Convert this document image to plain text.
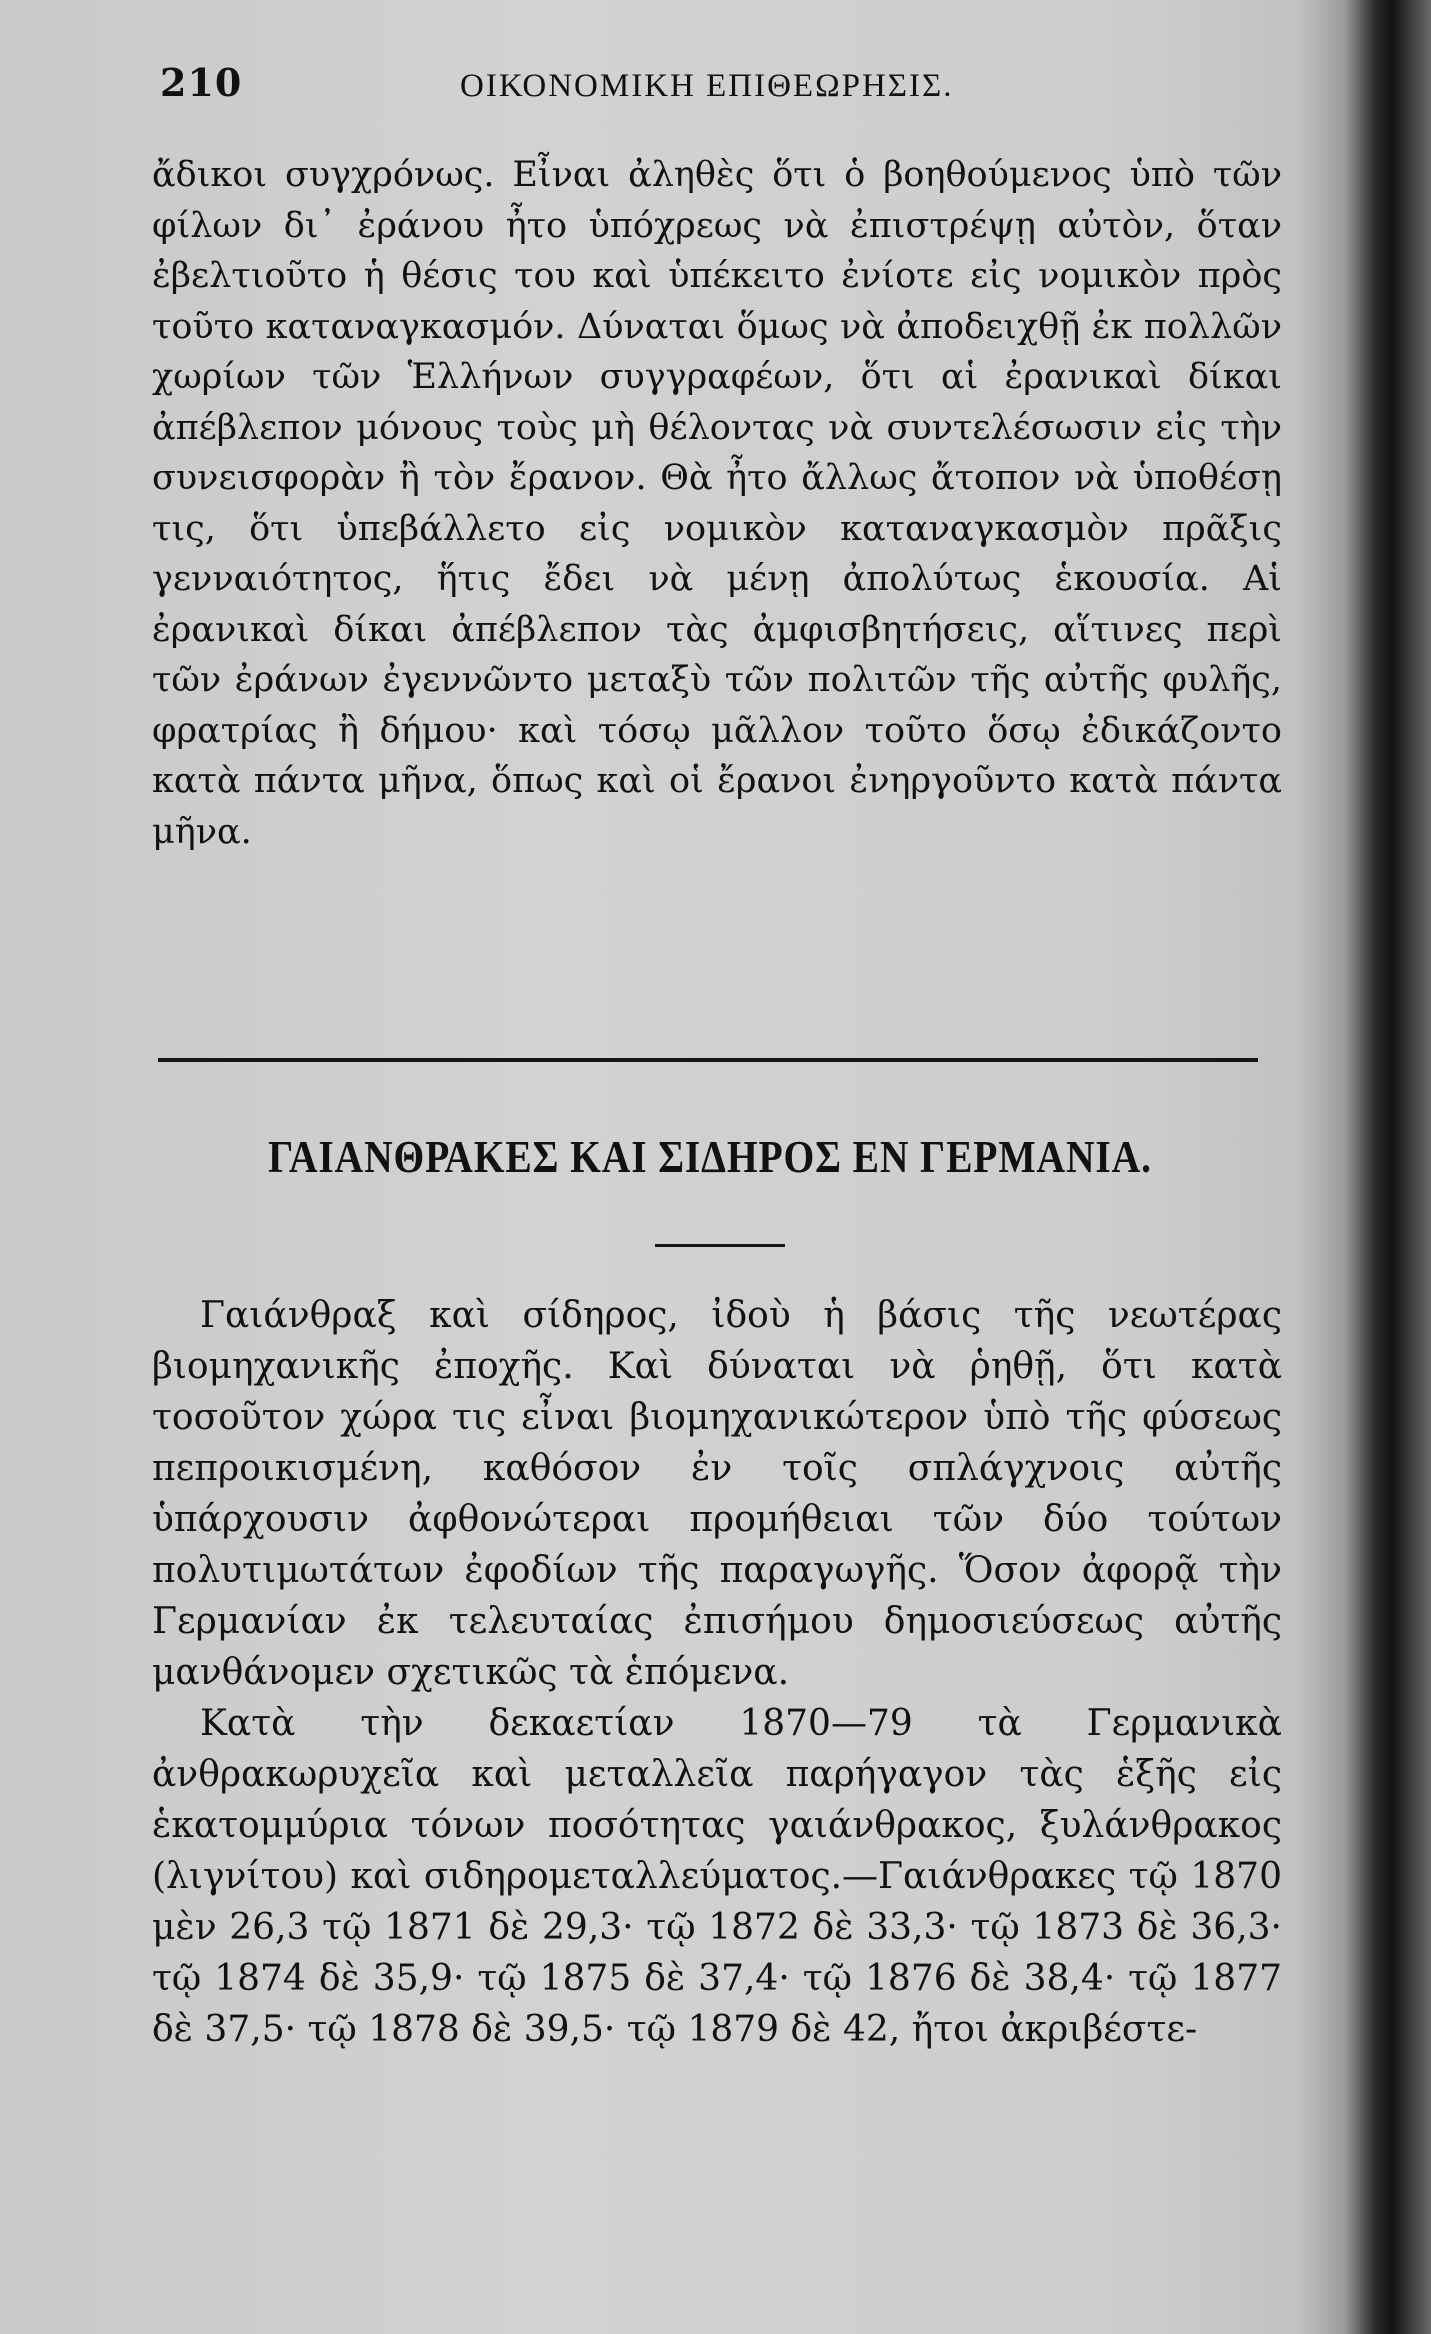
210	ΟΙΚΟΝΟΜΙΚΗ ΕΠΙΘΕΩΡΗΣΙΣ.

ἄδικοι συγχρόνως. Εἶναι ἀληθὲς ὅτι ὁ βοηθούμενος ὑπὸ τῶν φίλων δι᾽ ἐράνου ἦτο ὑπόχρεως νὰ ἐπιστρέψῃ αὐτὸν, ὅταν ἐβελτιοῦτο ἡ θέσις του καὶ ὑπέκειτο ἐνίοτε εἰς νομικὸν πρὸς τοῦτο καταναγκασμόν. Δύναται ὅμως νὰ ἀποδειχθῇ ἐκ πολλῶν χωρίων τῶν Ἑλλήνων συγγραφέων, ὅτι αἱ ἐρανικαὶ δίκαι ἀπέβλεπον μόνους τοὺς μὴ θέλοντας νὰ συντελέσωσιν εἰς τὴν συνεισφορὰν ἢ τὸν ἔρανον. Θὰ ἦτο ἄλλως ἄτοπον νὰ ὑποθέσῃ τις, ὅτι ὑπεβάλλετο εἰς νομικὸν καταναγκασμὸν πρᾶξις γενναιότητος, ἥτις ἔδει νὰ μένῃ ἀπολύτως ἑκουσία. Αἱ ἐρανικαὶ δίκαι ἀπέβλεπον τὰς ἀμφισβητήσεις, αἵτινες περὶ τῶν ἐράνων ἐγεννῶντο μεταξὺ τῶν πολιτῶν τῆς αὐτῆς φυλῆς, φρατρίας ἢ δήμου· καὶ τόσῳ μᾶλλον τοῦτο ὅσῳ ἐδικάζοντο κατὰ πάντα μῆνα, ὅπως καὶ οἱ ἔρανοι ἐνηργοῦντο κατὰ πάντα μῆνα.

ΓΑΙΑΝΘΡΑΚΕΣ ΚΑΙ ΣΙΔΗΡΟΣ ΕΝ ΓΕΡΜΑΝΙΑ.

Γαιάνθραξ καὶ σίδηρος, ἰδοὺ ἡ βάσις τῆς νεωτέρας βιομηχανικῆς ἐποχῆς. Καὶ δύναται νὰ ῥηθῇ, ὅτι κατὰ τοσοῦτον χώρα τις εἶναι βιομηχανικώτερον ὑπὸ τῆς φύσεως πεπροικισμένη, καθόσον ἐν τοῖς σπλάγχνοις αὐτῆς ὑπάρχουσιν ἀφθονώτεραι προμήθειαι τῶν δύο τούτων πολυτιμωτάτων ἐφοδίων τῆς παραγωγῆς. Ὅσον ἀφορᾷ τὴν Γερμανίαν ἐκ τελευταίας ἐπισήμου δημοσιεύσεως αὐτῆς μανθάνομεν σχετικῶς τὰ ἑπόμενα.

Κατὰ τὴν δεκαετίαν 1870—79 τὰ Γερμανικὰ ἀνθρακωρυχεῖα καὶ μεταλλεῖα παρήγαγον τὰς ἑξῆς εἰς ἑκατομμύρια τόνων ποσότητας γαιάνθρακος, ξυλάνθρακος (λιγνίτου) καὶ σιδηρομεταλλεύματος.—Γαιάνθρακες τῷ 1870 μὲν 26,3 τῷ 1871 δὲ 29,3· τῷ 1872 δὲ 33,3· τῷ 1873 δὲ 36,3· τῷ 1874 δὲ 35,9· τῷ 1875 δὲ 37,4· τῷ 1876 δὲ 38,4· τῷ 1877 δὲ 37,5· τῷ 1878 δὲ 39,5· τῷ 1879 δὲ 42, ἤτοι ἀκριβέστε-
